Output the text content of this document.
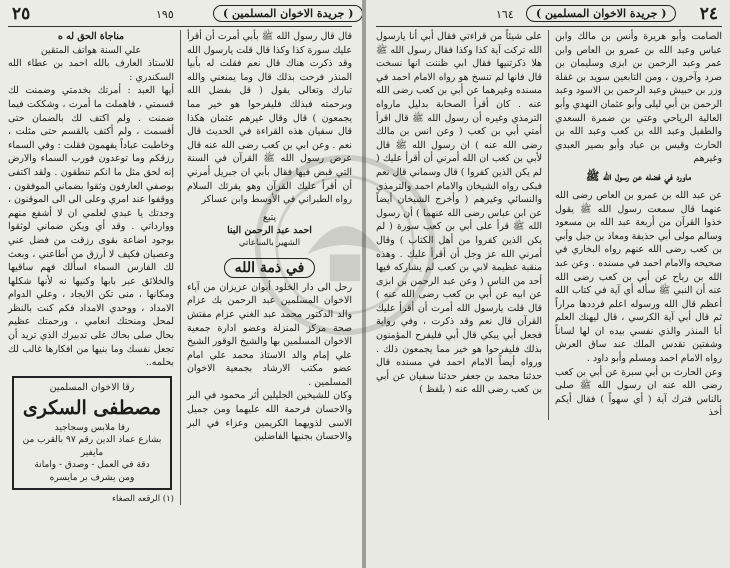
٢٥	١٩٥	( جريدة الاخوان المسلمين )

قال قال رسول الله ﷺ بأبي أمرت أن أقرأ عليك سورة كذا وكذا قال قلت يارسول الله وقد ذكرت هناك قال نعم فقلت له بأبيا المنذر فرحت بذلك قال وما يمنعني والله تبارك وتعالى يقول ( قل بفضل الله وبرحمته فبذلك فليفرحوا هو خير مما يجمعون ) قال وقال غيرهم عثمان هكذا قال سفيان هذه القراءة في الحديث قال نعم . وعن ابي بن كعب رضى الله عنه قال عرض رسول الله ﷺ القرآن في السنة التي قبض فيها فقال بأبي ان جبريل أمرني أن أقرأ عليك القرآن وهو يقرئك السلام رواه الطبراني في الأوسط وابن عساكر

يتبع
احمد عبد الرحمن البنا
الشهير بالساعاتي
في ذمة الله

رحل الى دار الخلود أبوان عزيزان من آباء الاخوان المسلمين عبد الرحمن بك عزام والد الدكتور محمد عبد الغني عزام مفتش صحة مركز المنزلة وعضو ادارة جمعية الاخوان المسلمين بها والشيخ الوقور الشيخ علي إمام والد الاستاذ محمد علي امام عضو مكتب الارشاد بجمعية الاخوان المسلمين .

وكان للشيخين الجليلين أثر محمود في البر والاحسان فرحمة الله عليهما ومن جميل الاسى لذويهما الكريمين وعزاء في البر والاحسان بجنيها الفاضلين

مناجاة الحق له ه

علي السنة هواتف المتقين

للاستاذ العارف بالله احمد بن عطاء الله السكندري :

أيها العبد : أمرتك بخدمتي وضمنت لك قسمتي ، فاهملت ما أمرت ، وشككت فيما ضمنت . ولم اكتف لك بالضمان حتى أقسمت ، ولم أكتف بالقسم حتى مثلت ، وخاطبت عباداً يفهمون فقلت : وفي السماء رزقكم وما توعدون فورب السماء والارض إنه لحق مثل ما انكم تنطقون . ولقد اكتفى بوصفي العارفون وثقوا بضماني الموفقون ، ووقفوا عند امري وعلى الى الى الموقنون ، وجدتك يا عبدي لعلمي ان لا أشفع منهم ووارداتي . وقد أي ويكن ضماني لوثقوا بوجود اضاعة بقوى رزقت من فضل عني وعصيان فكيف لا أرزق من أطاعني ، وبعث لك الفارس السماء اسألك فهم ساقيها والخلائق عبر بابها وكنيها نه لأنها شكلها ومكانها ، منى تكن الايجاد ، وعلي الدوام الامداد ، ووحدي الامداد فكم كنت بالنظر لمحل ومنحتك انعامي ، ورحمتك عظيم بحال صلى بحاك على تدبيرك الذي تريد أن تجعل نفسك وما بنيها من افكارها غالب لك بحلمه..

رقا الاخوان المسلمين
مصطفى السكرى
رفا ملابس وسجاجيد
بشارع عماد الدين رقم ٩٧ بالقرب من مايفير
دقة في العمل - وصدق - وامانة
ومن يشرف بر مايسره
(١) الرقعه الصغاء
٢٤
( جريدة الاخوان المسلمين )
١٦٤

الصامت وأبو هريرة وأنس بن مالك وابن عباس وعبد الله بن عمرو بن العاص وابن عمر وعبد الرحمن بن ابزى وسليمان بن صرد وآخرون ، ومن التابعين سويد بن غفلة وزر بن حبيش وعبد الرحمن بن الاسود وعبد الرحمن بن أبي ليلى وأبو عثمان النهدي وأبو العالية الرياحي وعتي بن ضمرة السعدي والطفيل وعبد الله بن كعب وعبد الله بن الحارث وقيس بن عباد وأبو بصير العبدي وغيرهم

ماورد في فضله عن رسول الله ﷺ

عن عبد الله بن عمرو بن العاص رضى الله عنهما قال سمعت رسول الله ﷺ يقول خذوا القرآن من أربعة عبد الله بن مسعود وسالم مولى أبي حذيفة ومعاذ بن جبل وأبي بن كعب رضى الله عنهم رواه البخاري في صحيحه والامام احمد في مسنده . وعن عبد الله بن رباح عن أبي بن كعب رضى الله عنه أن النبي ﷺ سأله أي آية في كتاب الله أعظم قال الله ورسوله اعلم فرددها مراراً ثم قال أبي آية الكرسي ، قال ليهنك العلم أبا المنذر والذي نفسي بيده ان لها لساناً وشفتين تقدس الملك عند ساق العرش رواه الامام احمد ومسلم وأبو داود .

وعن الحارث بن أبي سبرة عن أبي بن كعب رضى الله عنه ان رسول الله ﷺ صلى بالناس فترك آية ( أي سهواً ) فقال أيكم أخذ

على شيئاً من قراءتي فقال أبي أنا يارسول الله تركت آية كذا وكذا فقال رسول الله ﷺ هلا ذكرتنيها فقال ابي ظننت انها نسخت قال فانها لم تنسخ هو رواه الامام احمد في مسنده وغيرهما عن أبي بن كعب رضى الله عنه . كان أقرأ الصحابة بدليل مارواه الترمذي وغيره أن رسول الله ﷺ قال اقرأ أمتي أبي بن كعب ( وعن انس بن مالك رضى الله عنه ) ان رسول الله ﷺ قال لأبي بن كعب ان الله أمرني أن أقرأ عليك ( لم يكن الذين كفروا ) قال وسماني قال نعم فبكى رواه الشيخان والامام احمد والترمذي والنسائي وغيرهم ( وأخرج الشيخان أيضاً عن ابن عباس رضى الله عنهما ) أن رسول الله ﷺ قرأ على أبي بن كعب سورة ( لم يكن الذين كفروا من أهل الكتاب ) وقال أمرني الله عز وجل أن أقرأ عليك . وهذه منقبة عظيمة لابي بن كعب لم يشاركه فيها أحد من الناس ( وعن عبد الرحمن بن ابزى عن ابيه عن أبي بن كعب رضى الله عنه ) قال قلت يارسول الله أمرت أن أقرأ عليك القرآن قال نعم وقد ذكرت ، وفي رواية فجعل أبي يبكي قال أبي فليفرح المؤمنون بذلك فليفرحوا هو خير مما يجمعون ذلك . ورواه أيضاً الامام احمد في مسنده قال حدثنا محمد بن جعفر حدثنا سفيان عن أبي بن كعب رضى الله عنه ( بلفظ )
